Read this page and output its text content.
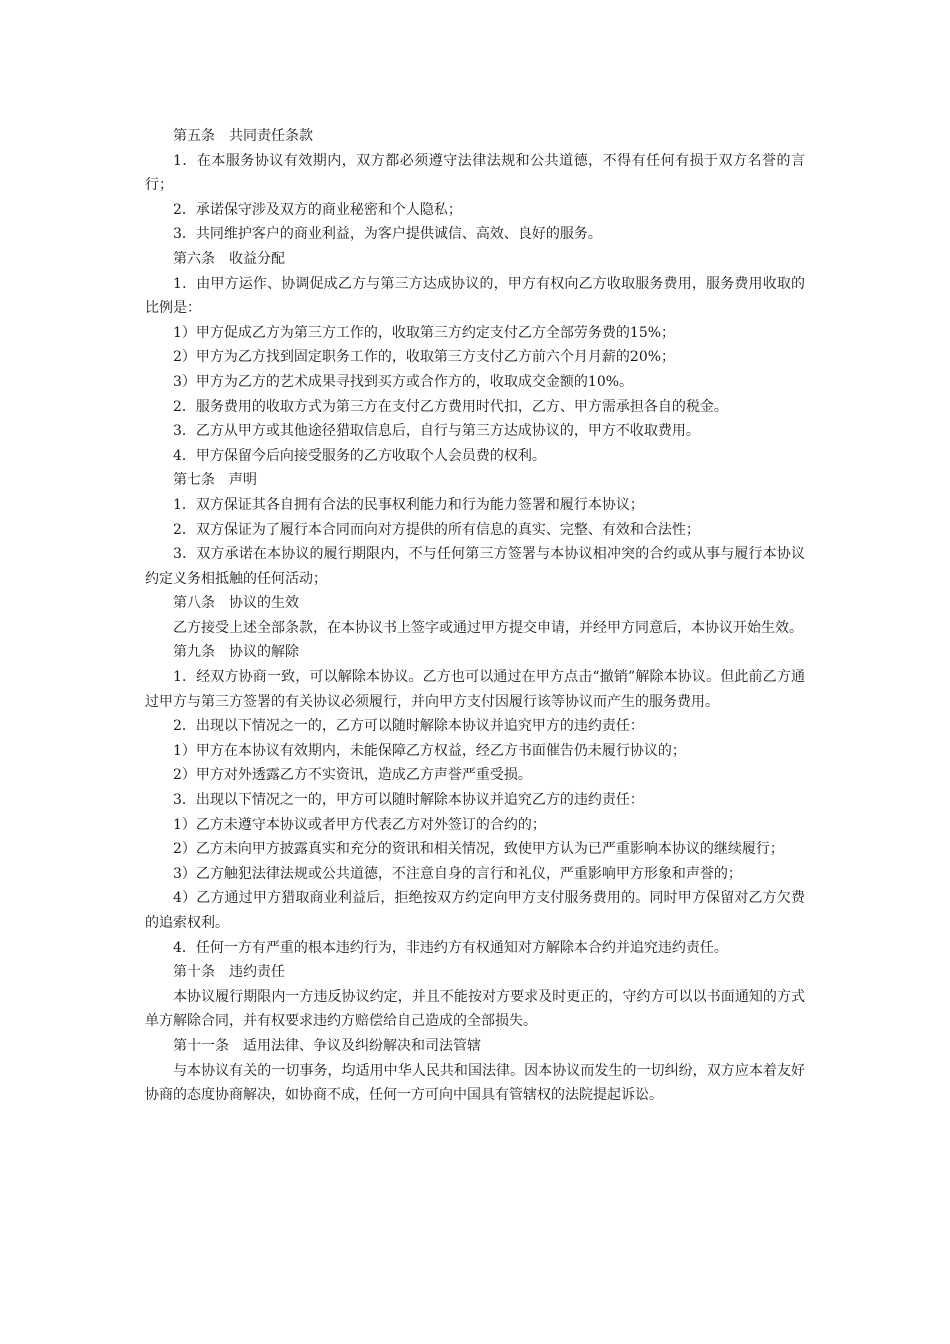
第五条　共同责任条款

1．在本服务协议有效期内，双方都必须遵守法律法规和公共道德，不得有任何有损于双方名誉的言行；

2．承诺保守涉及双方的商业秘密和个人隐私；

3．共同维护客户的商业利益，为客户提供诚信、高效、良好的服务。

第六条　收益分配

1．由甲方运作、协调促成乙方与第三方达成协议的，甲方有权向乙方收取服务费用，服务费用收取的比例是：

1）甲方促成乙方为第三方工作的，收取第三方约定支付乙方全部劳务费的15%；

2）甲方为乙方找到固定职务工作的，收取第三方支付乙方前六个月月薪的20%；

3）甲方为乙方的艺术成果寻找到买方或合作方的，收取成交金额的10%。

2．服务费用的收取方式为第三方在支付乙方费用时代扣，乙方、甲方需承担各自的税金。

3．乙方从甲方或其他途径猎取信息后，自行与第三方达成协议的，甲方不收取费用。

4．甲方保留今后向接受服务的乙方收取个人会员费的权利。

第七条　声明

1．双方保证其各自拥有合法的民事权利能力和行为能力签署和履行本协议；

2．双方保证为了履行本合同而向对方提供的所有信息的真实、完整、有效和合法性；

3．双方承诺在本协议的履行期限内，不与任何第三方签署与本协议相冲突的合约或从事与履行本协议约定义务相抵触的任何活动；

第八条　协议的生效

乙方接受上述全部条款，在本协议书上签字或通过甲方提交申请，并经甲方同意后，本协议开始生效。

第九条　协议的解除

1．经双方协商一致，可以解除本协议。乙方也可以通过在甲方点击“撤销”解除本协议。但此前乙方通过甲方与第三方签署的有关协议必须履行，并向甲方支付因履行该等协议而产生的服务费用。

2．出现以下情况之一的，乙方可以随时解除本协议并追究甲方的违约责任：

1）甲方在本协议有效期内，未能保障乙方权益，经乙方书面催告仍未履行协议的；

2）甲方对外透露乙方不实资讯，造成乙方声誉严重受损。

3．出现以下情况之一的，甲方可以随时解除本协议并追究乙方的违约责任：

1）乙方未遵守本协议或者甲方代表乙方对外签订的合约的；

2）乙方未向甲方披露真实和充分的资讯和相关情况，致使甲方认为已严重影响本协议的继续履行；

3）乙方触犯法律法规或公共道德，不注意自身的言行和礼仪，严重影响甲方形象和声誉的；

4）乙方通过甲方猎取商业利益后，拒绝按双方约定向甲方支付服务费用的。同时甲方保留对乙方欠费的追索权利。

4．任何一方有严重的根本违约行为，非违约方有权通知对方解除本合约并追究违约责任。

第十条　违约责任

本协议履行期限内一方违反协议约定，并且不能按对方要求及时更正的，守约方可以以书面通知的方式单方解除合同，并有权要求违约方赔偿给自己造成的全部损失。

第十一条　适用法律、争议及纠纷解决和司法管辖

与本协议有关的一切事务，均适用中华人民共和国法律。因本协议而发生的一切纠纷，双方应本着友好协商的态度协商解决，如协商不成，任何一方可向中国具有管辖权的法院提起诉讼。
